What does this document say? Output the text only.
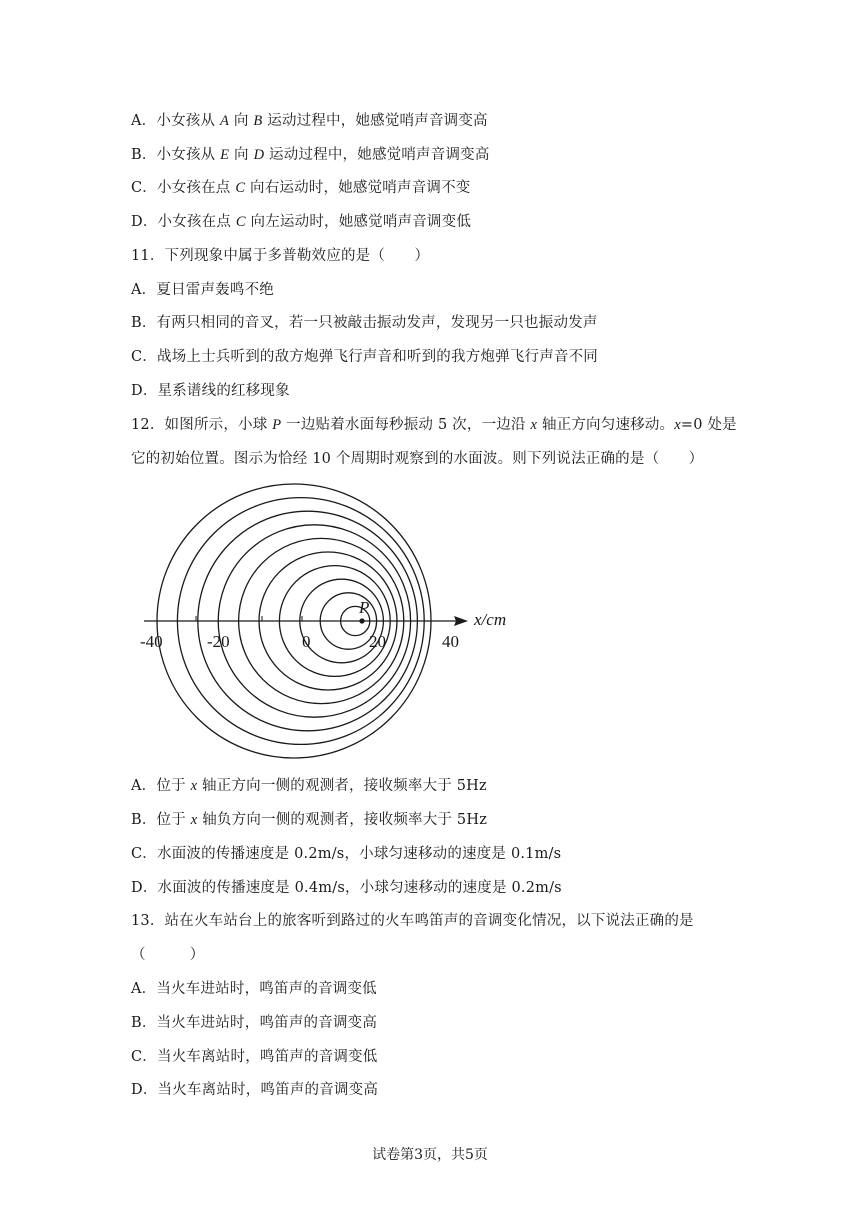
A．小女孩从 A 向 B 运动过程中，她感觉哨声音调变高
B．小女孩从 E 向 D 运动过程中，她感觉哨声音调变高
C．小女孩在点 C 向右运动时，她感觉哨声音调不变
D．小女孩在点 C 向左运动时，她感觉哨声音调变低
11．下列现象中属于多普勒效应的是（　　）
A．夏日雷声轰鸣不绝
B．有两只相同的音叉，若一只被敲击振动发声，发现另一只也振动发声
C．战场上士兵听到的敌方炮弹飞行声音和听到的我方炮弹飞行声音不同
D．星系谱线的红移现象
12．如图所示，小球 P 一边贴着水面每秒振动 5 次，一边沿 x 轴正方向匀速移动。x=0 处是
它的初始位置。图示为恰经 10 个周期时观察到的水面波。则下列说法正确的是（　　）
P
x/cm
-40	-20	0	20	40
A．位于 x 轴正方向一侧的观测者，接收频率大于 5Hz
B．位于 x 轴负方向一侧的观测者，接收频率大于 5Hz
C．水面波的传播速度是 0.2m/s，小球匀速移动的速度是 0.1m/s
D．水面波的传播速度是 0.4m/s，小球匀速移动的速度是 0.2m/s
13．站在火车站台上的旅客听到路过的火车鸣笛声的音调变化情况，以下说法正确的是
（　　　）
A．当火车进站时，鸣笛声的音调变低
B．当火车进站时，鸣笛声的音调变高
C．当火车离站时，鸣笛声的音调变低
D．当火车离站时，鸣笛声的音调变高
试卷第3页，共5页
